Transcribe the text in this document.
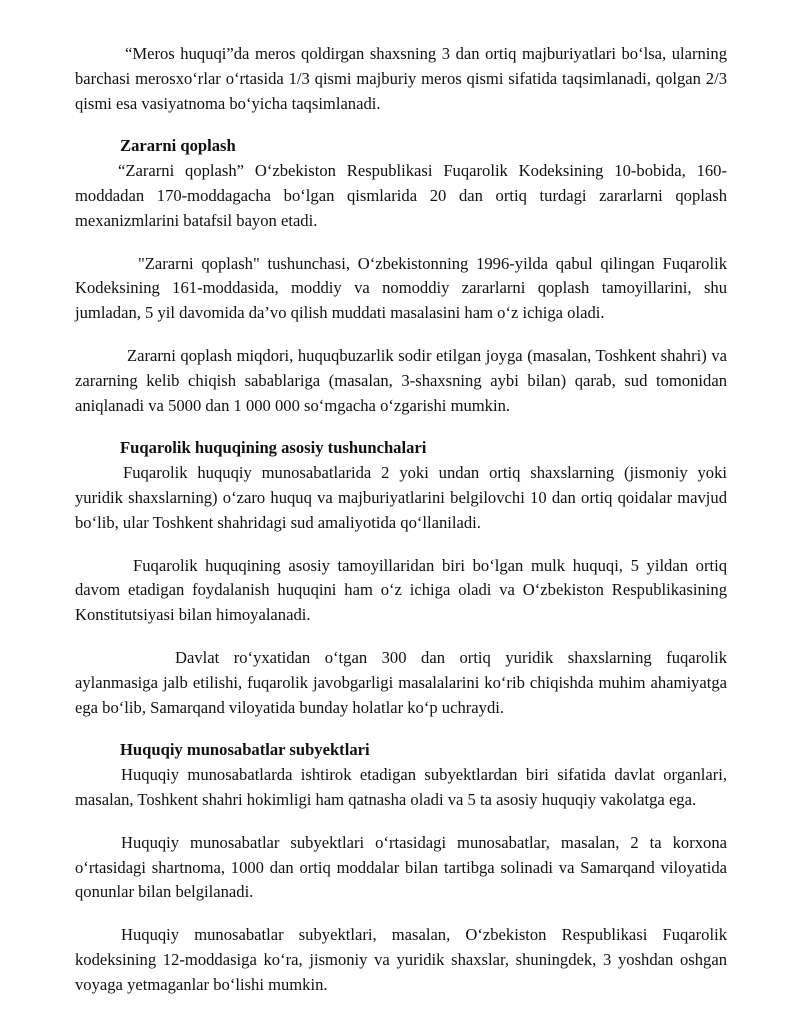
“Meros huquqi”da meros qoldirgan shaxsning 3 dan ortiq majburiyatlari bo‘lsa, ularning barchasi merosxo‘rlar o‘rtasida 1/3 qismi majburiy meros qismi sifatida taqsimlanadi, qolgan 2/3 qismi esa vasiyatnoma bo‘yicha taqsimlanadi.

Zararni qoplash

“Zararni qoplash” O‘zbekiston Respublikasi Fuqarolik Kodeksining 10-bobida, 160-moddadan 170-moddagacha bo‘lgan qismlarida 20 dan ortiq turdagi zararlarni qoplash mexanizmlarini batafsil bayon etadi.

"Zararni qoplash" tushunchasi, O‘zbekistonning 1996-yilda qabul qilingan Fuqarolik Kodeksining 161-moddasida, moddiy va nomoddiy zararlarni qoplash tamoyillarini, shu jumladan, 5 yil davomida da’vo qilish muddati masalasini ham o‘z ichiga oladi.

Zararni qoplash miqdori, huquqbuzarlik sodir etilgan joyga (masalan, Toshkent shahri) va zararning kelib chiqish sabablariga (masalan, 3-shaxsning aybi bilan) qarab, sud tomonidan aniqlanadi va 5000 dan 1 000 000 so‘mgacha o‘zgarishi mumkin.

Fuqarolik huquqining asosiy tushunchalari

Fuqarolik huquqiy munosabatlarida 2 yoki undan ortiq shaxslarning (jismoniy yoki yuridik shaxslarning) o‘zaro huquq va majburiyatlarini belgilovchi 10 dan ortiq qoidalar mavjud bo‘lib, ular Toshkent shahridagi sud amaliyotida qo‘llaniladi.

Fuqarolik huquqining asosiy tamoyillaridan biri bo‘lgan mulk huquqi, 5 yildan ortiq davom etadigan foydalanish huquqini ham o‘z ichiga oladi va O‘zbekiston Respublikasining Konstitutsiyasi bilan himoyalanadi.

Davlat ro‘yxatidan o‘tgan 300 dan ortiq yuridik shaxslarning fuqarolik aylanmasiga jalb etilishi, fuqarolik javobgarligi masalalarini ko‘rib chiqishda muhim ahamiyatga ega bo‘lib, Samarqand viloyatida bunday holatlar ko‘p uchraydi.

Huquqiy munosabatlar subyektlari

Huquqiy munosabatlarda ishtirok etadigan subyektlardan biri sifatida davlat organlari, masalan, Toshkent shahri hokimligi ham qatnasha oladi va 5 ta asosiy huquqiy vakolatga ega.

Huquqiy munosabatlar subyektlari o‘rtasidagi munosabatlar, masalan, 2 ta korxona o‘rtasidagi shartnoma, 1000 dan ortiq moddalar bilan tartibga solinadi va Samarqand viloyatida qonunlar bilan belgilanadi.

Huquqiy munosabatlar subyektlari, masalan, O‘zbekiston Respublikasi Fuqarolik kodeksining 12-moddasiga ko‘ra, jismoniy va yuridik shaxslar, shuningdek, 3 yoshdan oshgan voyaga yetmaganlar bo‘lishi mumkin.
